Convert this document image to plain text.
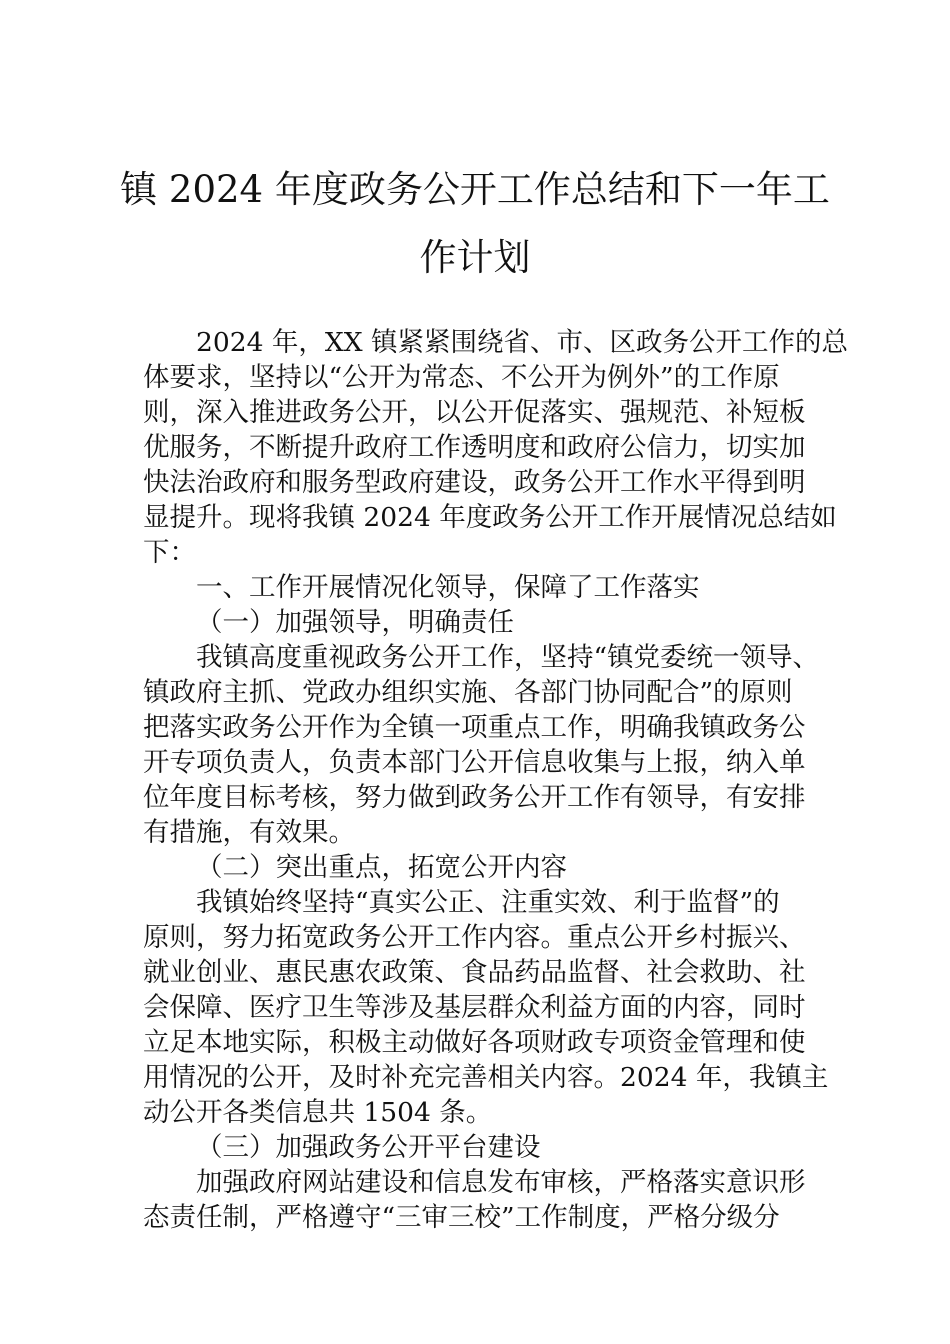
镇 2024 年度政务公开工作总结和下一年工
作计划
2024 年，XX 镇紧紧围绕省、市、区政务公开工作的总
体要求，坚持以“公开为常态、不公开为例外”的工作原
则，深入推进政务公开，以公开促落实、强规范、补短板
优服务，不断提升政府工作透明度和政府公信力，切实加
快法治政府和服务型政府建设，政务公开工作水平得到明
显提升。现将我镇 2024 年度政务公开工作开展情况总结如
下：
一、工作开展情况化领导，保障了工作落实
（一）加强领导，明确责任
我镇高度重视政务公开工作，坚持“镇党委统一领导、
镇政府主抓、党政办组织实施、各部门协同配合”的原则
把落实政务公开作为全镇一项重点工作，明确我镇政务公
开专项负责人，负责本部门公开信息收集与上报，纳入单
位年度目标考核，努力做到政务公开工作有领导，有安排
有措施，有效果。
（二）突出重点，拓宽公开内容
我镇始终坚持“真实公正、注重实效、利于监督”的
原则，努力拓宽政务公开工作内容。重点公开乡村振兴、
就业创业、惠民惠农政策、食品药品监督、社会救助、社
会保障、医疗卫生等涉及基层群众利益方面的内容，同时
立足本地实际，积极主动做好各项财政专项资金管理和使
用情况的公开，及时补充完善相关内容。2024 年，我镇主
动公开各类信息共 1504 条。
（三）加强政务公开平台建设
加强政府网站建设和信息发布审核，严格落实意识形
态责任制，严格遵守“三审三校”工作制度，严格分级分
